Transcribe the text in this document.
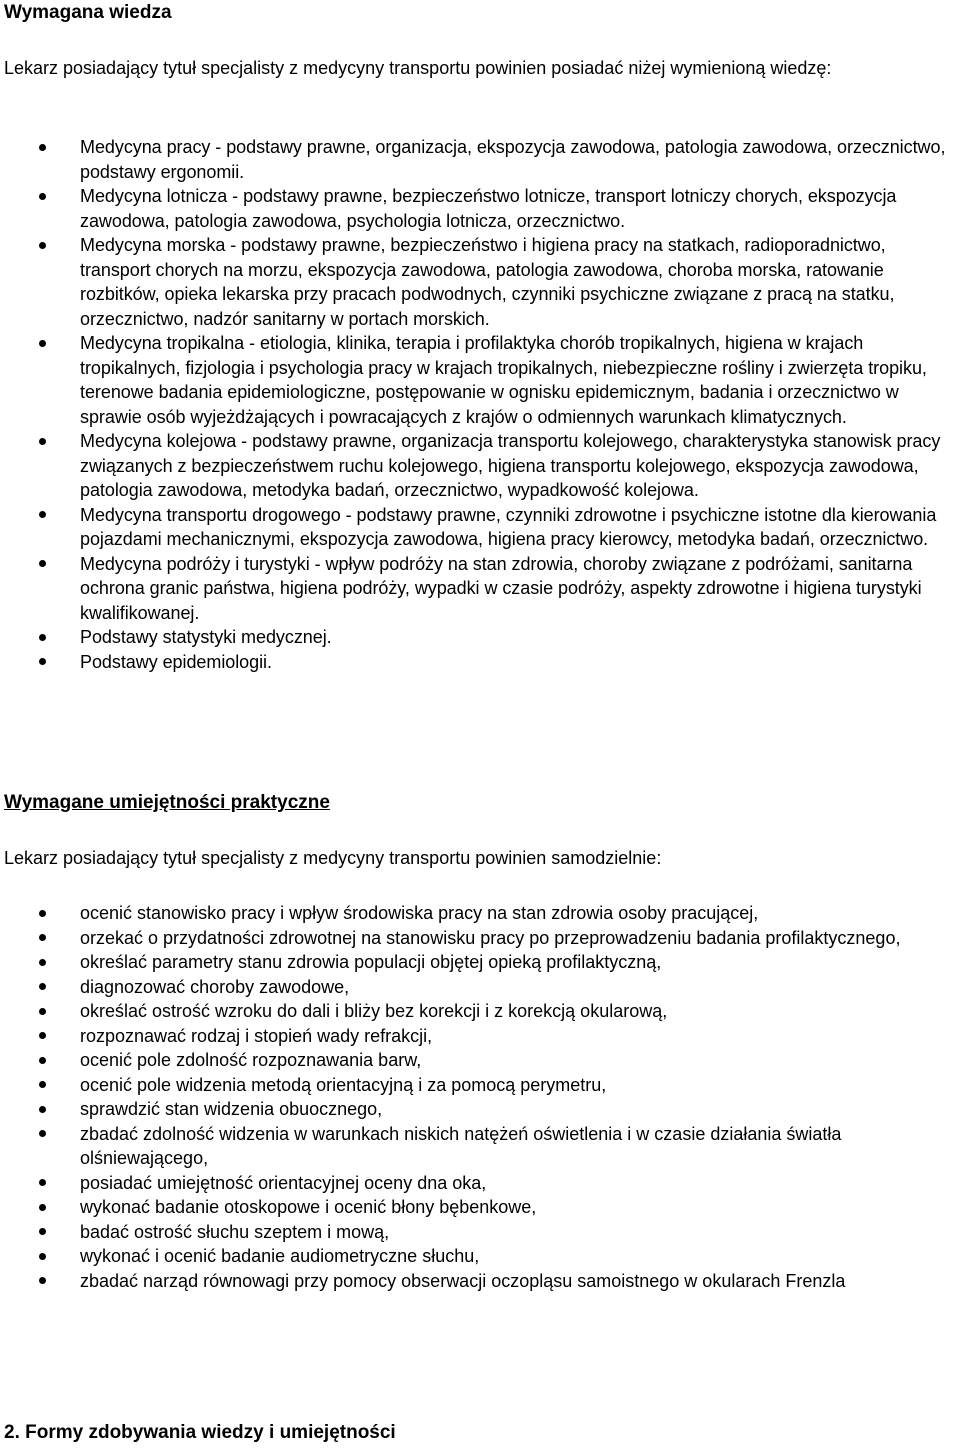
Wymagana wiedza

Lekarz posiadający tytuł specjalisty z medycyny transportu powinien posiadać niżej wymienioną wiedzę:

Medycyna pracy - podstawy prawne, organizacja, ekspozycja zawodowa, patologia zawodowa, orzecznictwo, podstawy ergonomii.
Medycyna lotnicza - podstawy prawne, bezpieczeństwo lotnicze, transport lotniczy chorych, ekspozycja zawodowa, patologia zawodowa, psychologia lotnicza, orzecznictwo.
Medycyna morska - podstawy prawne, bezpieczeństwo i higiena pracy na statkach, radioporadnictwo, transport chorych na morzu, ekspozycja zawodowa, patologia zawodowa, choroba morska, ratowanie rozbitków, opieka lekarska przy pracach podwodnych, czynniki psychiczne związane z pracą na statku, orzecznictwo, nadzór sanitarny w portach morskich.
Medycyna tropikalna - etiologia, klinika, terapia i profilaktyka chorób tropikalnych, higiena w krajach tropikalnych, fizjologia i psychologia pracy w krajach tropikalnych, niebezpieczne rośliny i zwierzęta tropiku, terenowe badania epidemiologiczne, postępowanie w ognisku epidemicznym, badania i orzecznictwo w sprawie osób wyjeżdżających i powracających z krajów o odmiennych warunkach klimatycznych.
Medycyna kolejowa - podstawy prawne, organizacja transportu kolejowego, charakterystyka stanowisk pracy związanych z bezpieczeństwem ruchu kolejowego, higiena transportu kolejowego, ekspozycja zawodowa, patologia zawodowa, metodyka badań, orzecznictwo, wypadkowość kolejowa.
Medycyna transportu drogowego - podstawy prawne, czynniki zdrowotne i psychiczne istotne dla kierowania pojazdami mechanicznymi, ekspozycja zawodowa, higiena pracy kierowcy, metodyka badań, orzecznictwo.
Medycyna podróży i turystyki - wpływ podróży na stan zdrowia, choroby związane z podróżami, sanitarna ochrona granic państwa, higiena podróży, wypadki w czasie podróży, aspekty zdrowotne i higiena turystyki kwalifikowanej.
Podstawy statystyki medycznej.
Podstawy epidemiologii.
Wymagane umiejętności praktyczne

Lekarz posiadający tytuł specjalisty z medycyny transportu powinien samodzielnie:

ocenić stanowisko pracy i wpływ środowiska pracy na stan zdrowia osoby pracującej,
orzekać o przydatności zdrowotnej na stanowisku pracy po przeprowadzeniu badania profilaktycznego,
określać parametry stanu zdrowia populacji objętej opieką profilaktyczną,
diagnozować choroby zawodowe,
określać ostrość wzroku do dali i bliży bez korekcji i z korekcją okularową,
rozpoznawać rodzaj i stopień wady refrakcji,
ocenić pole zdolność rozpoznawania barw,
ocenić pole widzenia metodą orientacyjną i za pomocą perymetru,
sprawdzić stan widzenia obuocznego,
zbadać zdolność widzenia w warunkach niskich natężeń oświetlenia i w czasie działania światła olśniewającego,
posiadać umiejętność orientacyjnej oceny dna oka,
wykonać badanie otoskopowe i ocenić błony bębenkowe,
badać ostrość słuchu szeptem i mową,
wykonać i ocenić badanie audiometryczne słuchu,
zbadać narząd równowagi przy pomocy obserwacji oczopląsu samoistnego w okularach Frenzla
2. Formy zdobywania wiedzy i umiejętności
